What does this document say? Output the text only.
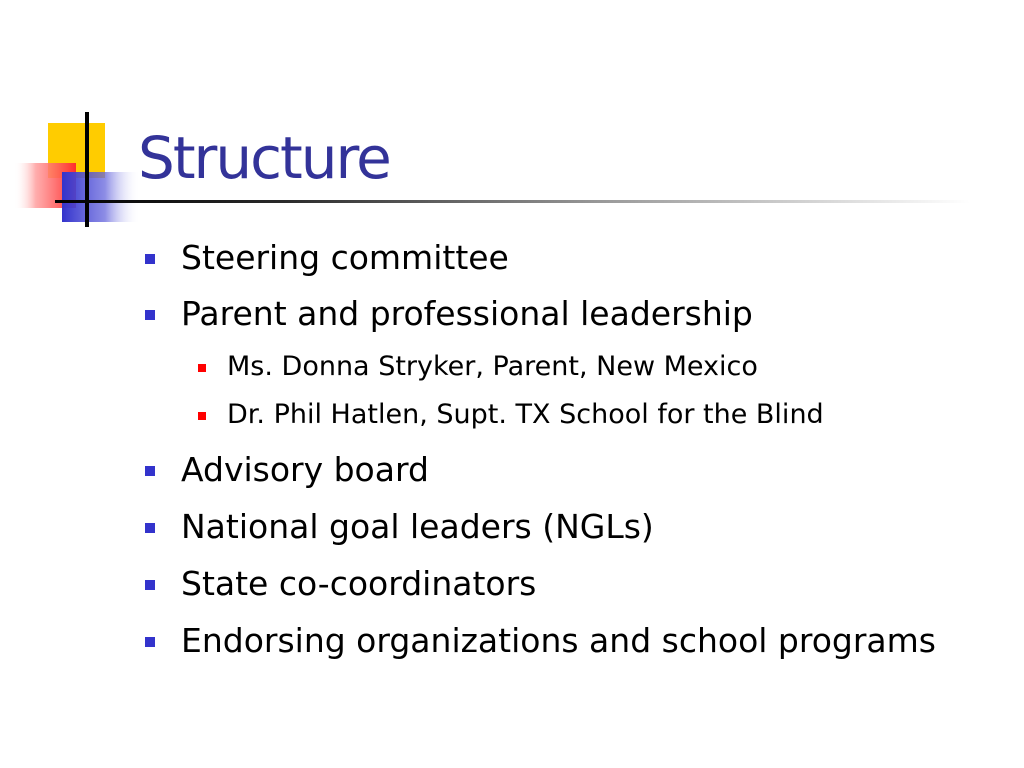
Structure
Steering committee
Parent and professional leadership
Ms. Donna Stryker, Parent, New Mexico
Dr. Phil Hatlen, Supt. TX School for the Blind
Advisory board
National goal leaders (NGLs)
State co-coordinators
Endorsing organizations and school programs
